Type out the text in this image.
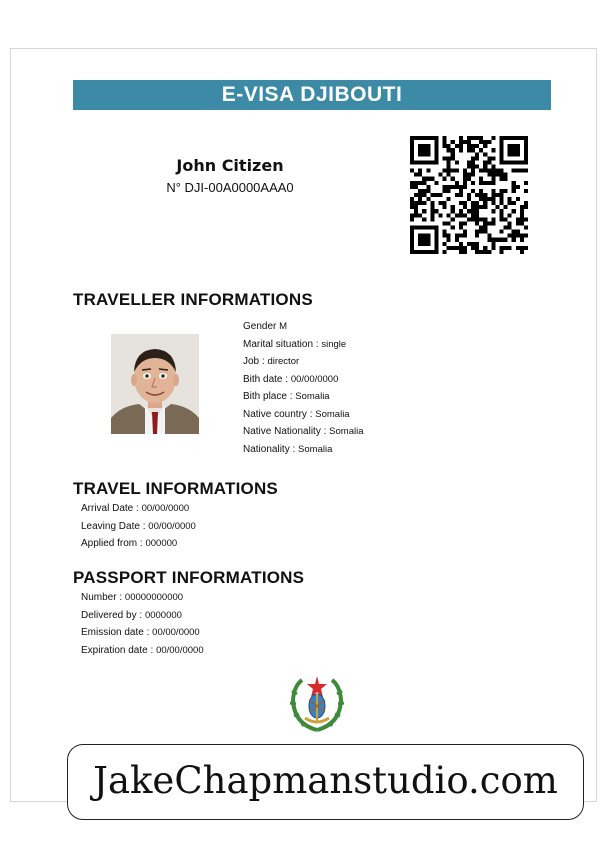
E-VISA DJIBOUTI
John Citizen
N° DJI-00A0000AAA0
TRAVELLER INFORMATIONS
Gender M
Marital situation : single
Job : director
Bith date : 00/00/0000
Bith place : Somalia
Native country : Somalia
Native Nationality : Somalia
Nationality : Somalia
TRAVEL INFORMATIONS
Arrival Date : 00/00/0000
Leaving Date : 00/00/0000
Applied from : 000000
PASSPORT INFORMATIONS
Number : 00000000000
Delivered by : 0000000
Emission date : 00/00/0000
Expiration date : 00/00/0000
JakeChapmanstudio.com
